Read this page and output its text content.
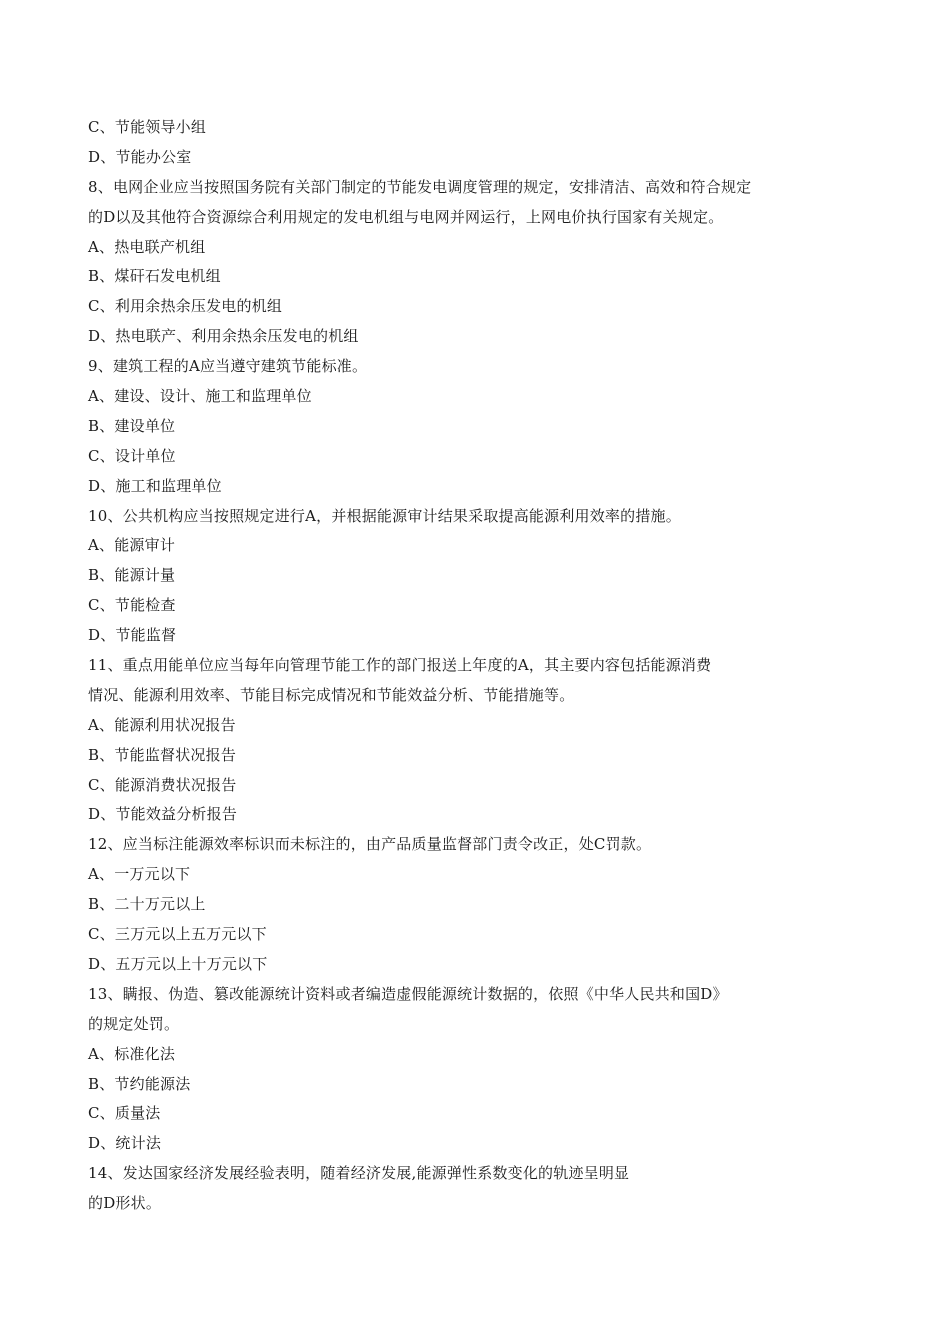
C、节能领导小组
D、节能办公室
8、电网企业应当按照国务院有关部门制定的节能发电调度管理的规定，安排清洁、高效和符合规定
的D以及其他符合资源综合利用规定的发电机组与电网并网运行，上网电价执行国家有关规定。
A、热电联产机组
B、煤矸石发电机组
C、利用余热余压发电的机组
D、热电联产、利用余热余压发电的机组
9、建筑工程的A应当遵守建筑节能标准。
A、建设、设计、施工和监理单位
B、建设单位
C、设计单位
D、施工和监理单位
10、公共机构应当按照规定进行A，并根据能源审计结果采取提高能源利用效率的措施。
A、能源审计
B、能源计量
C、节能检查
D、节能监督
11、重点用能单位应当每年向管理节能工作的部门报送上年度的A，其主要内容包括能源消费
情况、能源利用效率、节能目标完成情况和节能效益分析、节能措施等。
A、能源利用状况报告
B、节能监督状况报告
C、能源消费状况报告
D、节能效益分析报告
12、应当标注能源效率标识而未标注的，由产品质量监督部门责令改正，处C罚款。
A、一万元以下
B、二十万元以上
C、三万元以上五万元以下
D、五万元以上十万元以下
13、瞒报、伪造、篡改能源统计资料或者编造虚假能源统计数据的，依照《中华人民共和国D》
的规定处罚。
A、标准化法
B、节约能源法
C、质量法
D、统计法
14、发达国家经济发展经验表明，随着经济发展,能源弹性系数变化的轨迹呈明显
的D形状。
